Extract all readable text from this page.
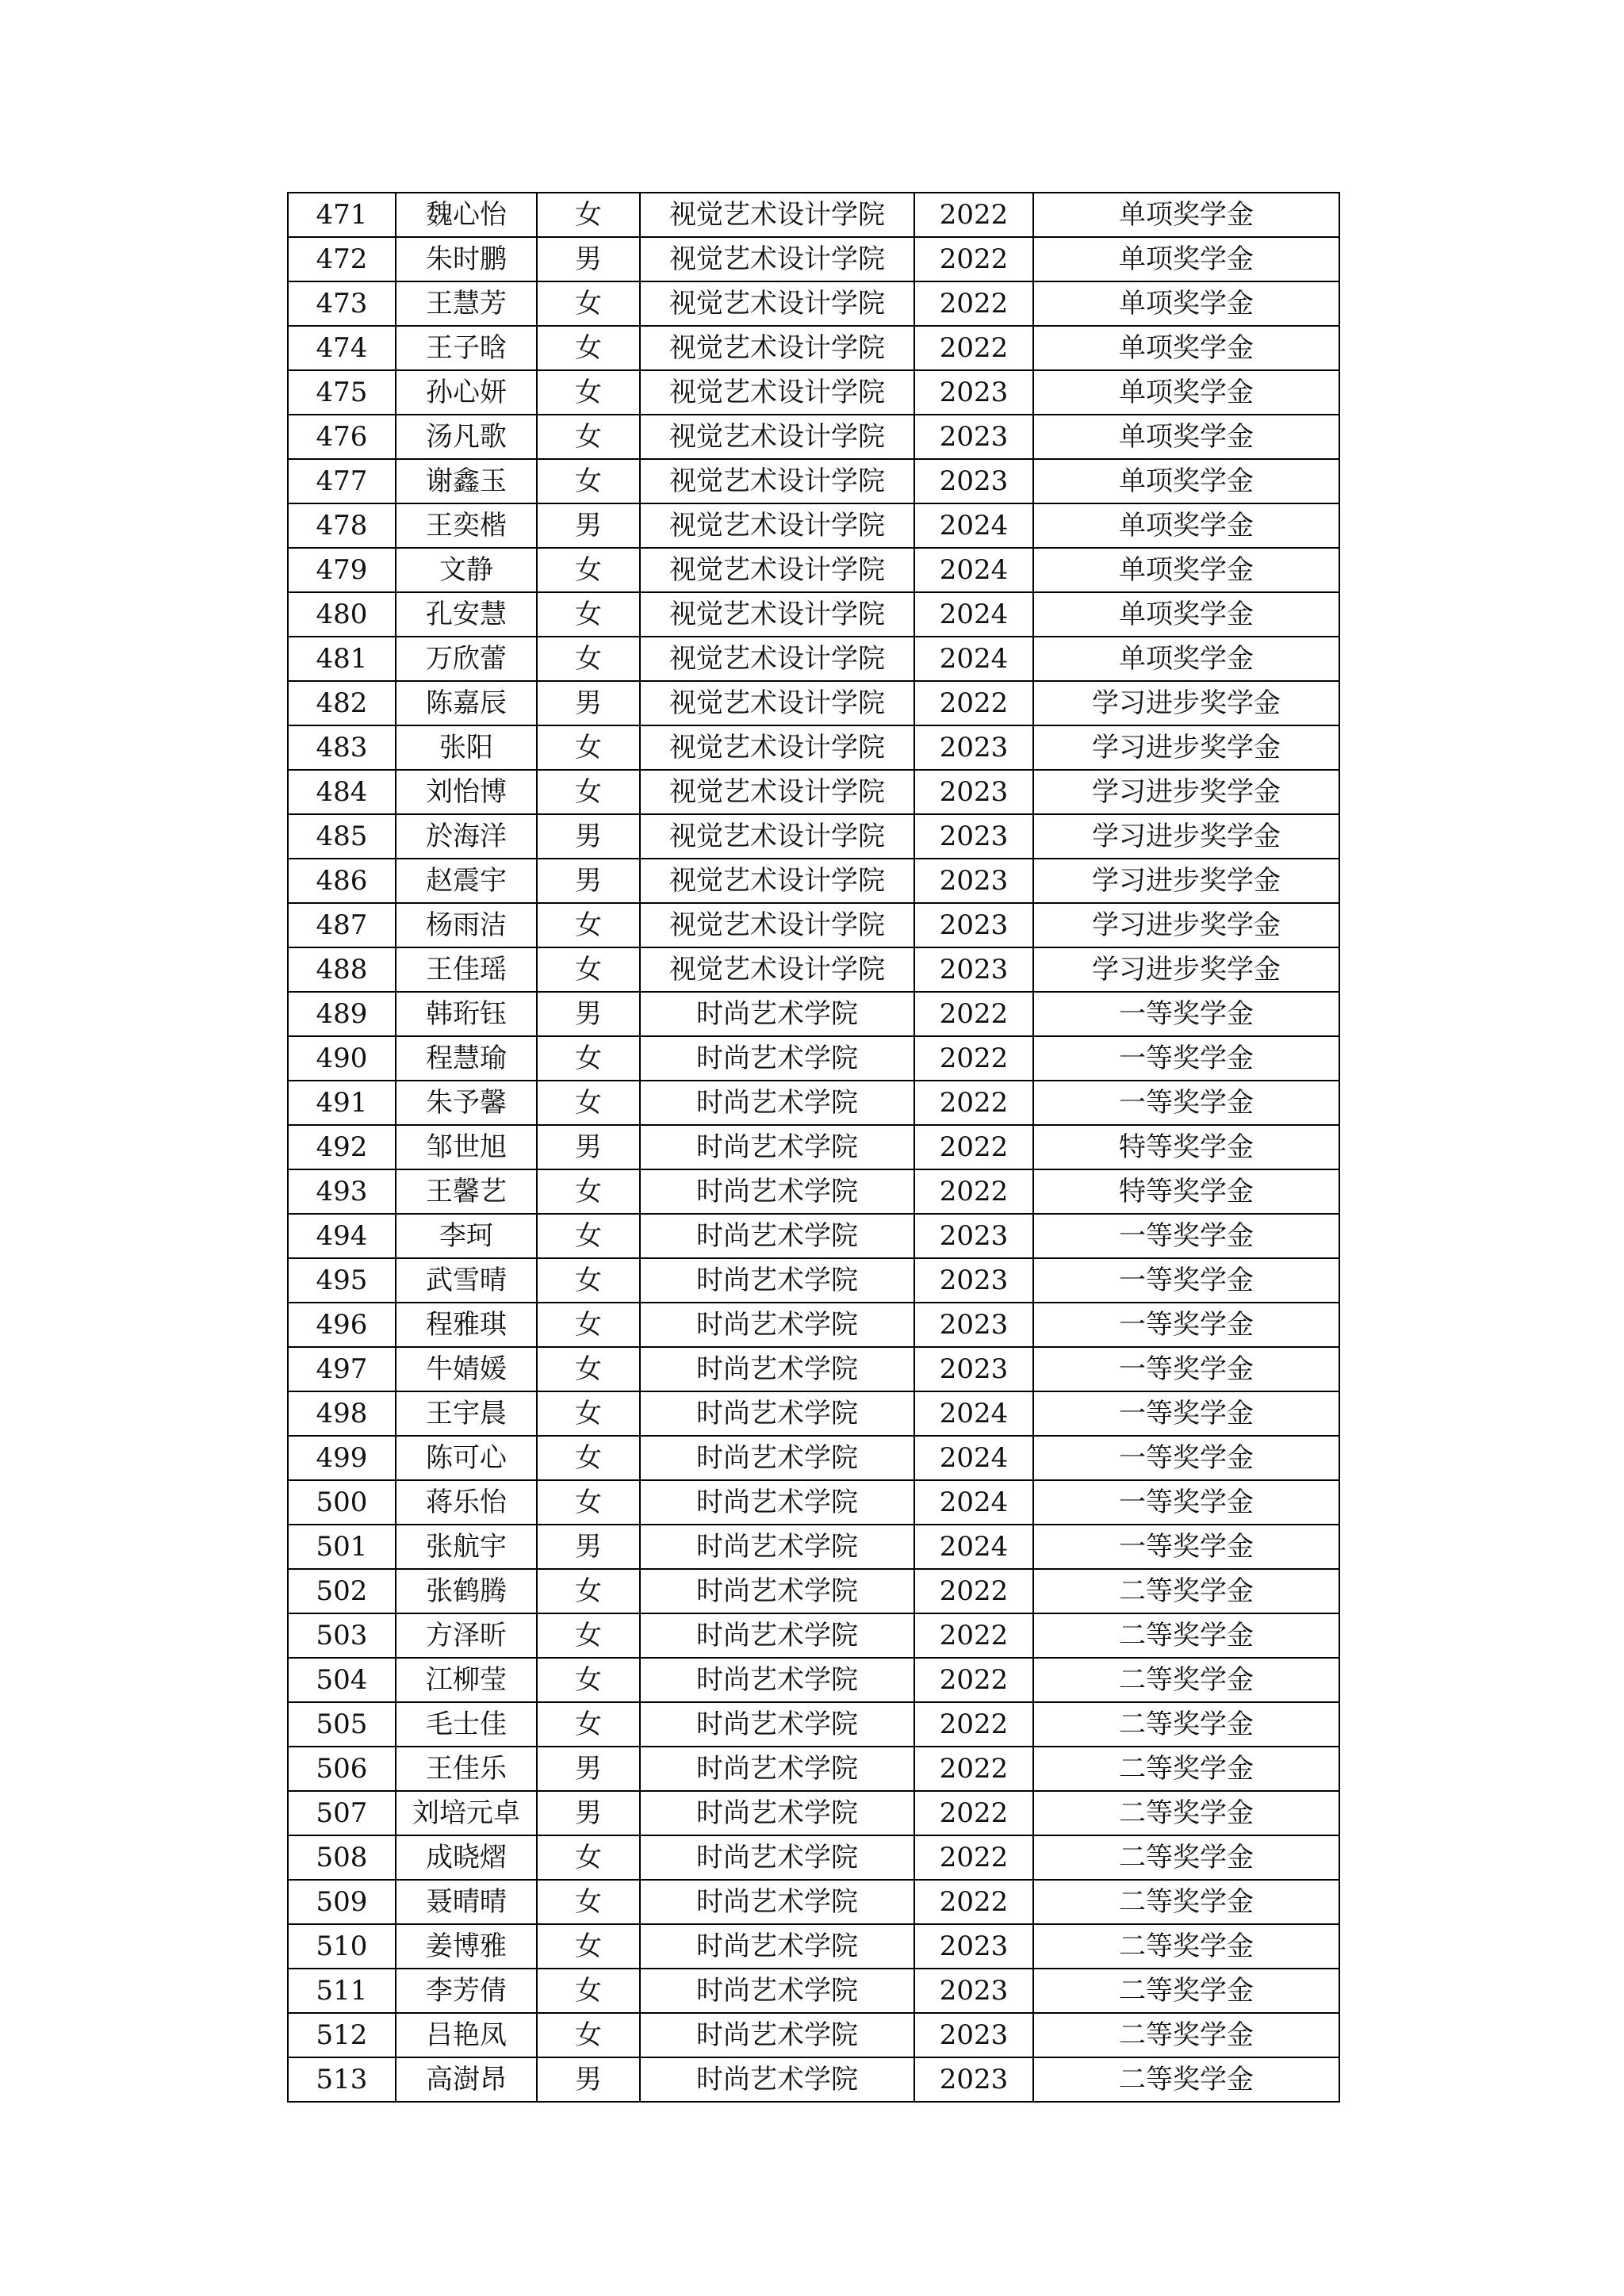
471	魏心怡	女	视觉艺术设计学院	2022	单项奖学金
472	朱时鹏	男	视觉艺术设计学院	2022	单项奖学金
473	王慧芳	女	视觉艺术设计学院	2022	单项奖学金
474	王子晗	女	视觉艺术设计学院	2022	单项奖学金
475	孙心妍	女	视觉艺术设计学院	2023	单项奖学金
476	汤凡歌	女	视觉艺术设计学院	2023	单项奖学金
477	谢鑫玉	女	视觉艺术设计学院	2023	单项奖学金
478	王奕楷	男	视觉艺术设计学院	2024	单项奖学金
479	文静	女	视觉艺术设计学院	2024	单项奖学金
480	孔安慧	女	视觉艺术设计学院	2024	单项奖学金
481	万欣蕾	女	视觉艺术设计学院	2024	单项奖学金
482	陈嘉辰	男	视觉艺术设计学院	2022	学习进步奖学金
483	张阳	女	视觉艺术设计学院	2023	学习进步奖学金
484	刘怡博	女	视觉艺术设计学院	2023	学习进步奖学金
485	於海洋	男	视觉艺术设计学院	2023	学习进步奖学金
486	赵震宇	男	视觉艺术设计学院	2023	学习进步奖学金
487	杨雨洁	女	视觉艺术设计学院	2023	学习进步奖学金
488	王佳瑶	女	视觉艺术设计学院	2023	学习进步奖学金
489	韩珩钰	男	时尚艺术学院	2022	一等奖学金
490	程慧瑜	女	时尚艺术学院	2022	一等奖学金
491	朱予馨	女	时尚艺术学院	2022	一等奖学金
492	邹世旭	男	时尚艺术学院	2022	特等奖学金
493	王馨艺	女	时尚艺术学院	2022	特等奖学金
494	李珂	女	时尚艺术学院	2023	一等奖学金
495	武雪晴	女	时尚艺术学院	2023	一等奖学金
496	程雅琪	女	时尚艺术学院	2023	一等奖学金
497	牛婧媛	女	时尚艺术学院	2023	一等奖学金
498	王宇晨	女	时尚艺术学院	2024	一等奖学金
499	陈可心	女	时尚艺术学院	2024	一等奖学金
500	蒋乐怡	女	时尚艺术学院	2024	一等奖学金
501	张航宇	男	时尚艺术学院	2024	一等奖学金
502	张鹤腾	女	时尚艺术学院	2022	二等奖学金
503	方泽昕	女	时尚艺术学院	2022	二等奖学金
504	江柳莹	女	时尚艺术学院	2022	二等奖学金
505	毛士佳	女	时尚艺术学院	2022	二等奖学金
506	王佳乐	男	时尚艺术学院	2022	二等奖学金
507	刘培元卓	男	时尚艺术学院	2022	二等奖学金
508	成晓熠	女	时尚艺术学院	2022	二等奖学金
509	聂晴晴	女	时尚艺术学院	2022	二等奖学金
510	姜博雅	女	时尚艺术学院	2023	二等奖学金
511	李芳倩	女	时尚艺术学院	2023	二等奖学金
512	吕艳凤	女	时尚艺术学院	2023	二等奖学金
513	高澍昂	男	时尚艺术学院	2023	二等奖学金
